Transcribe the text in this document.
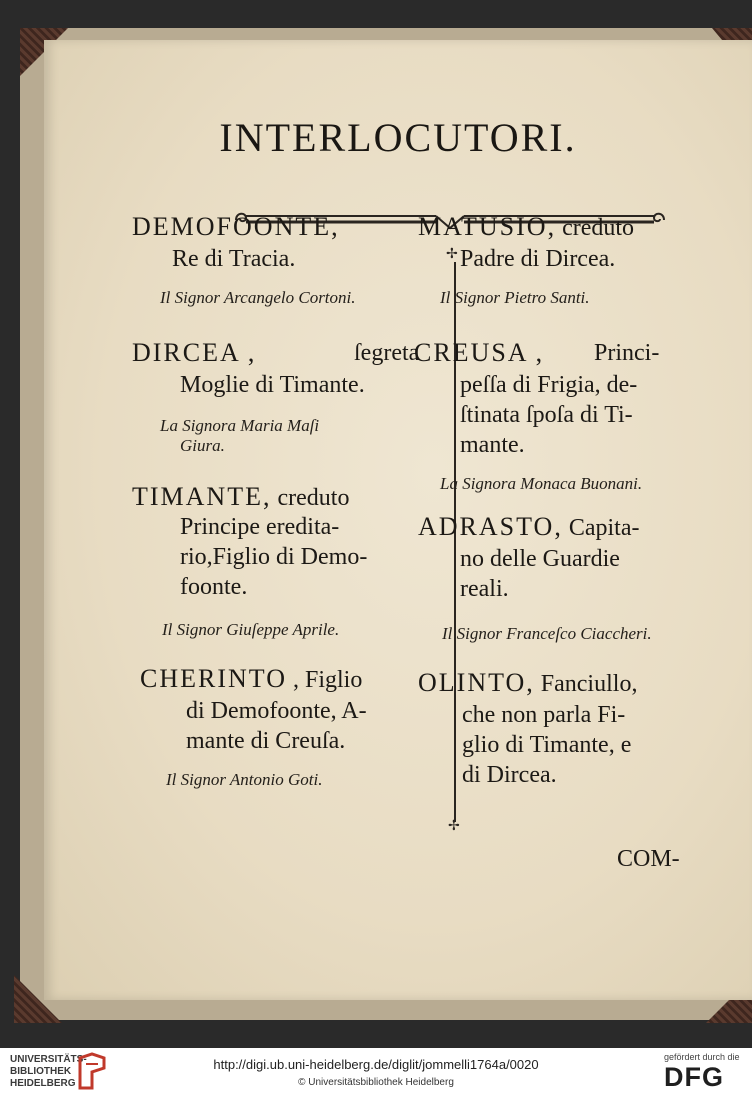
INTERLOCUTORI.
✢
✢
DEMOFOONTE,
Re di Tracia.
Il Signor Arcangelo Cortoni.
DIRCEA ,	ſegreta
Moglie di Timante.
La Signora Maria Maſi
Giura.
TIMANTE, creduto
Principe eredita-
rio,Figlio di Demo-
foonte.
Il Signor Giuſeppe Aprile.
CHERINTO , Figlio
di Demofoonte, A-
mante di Creuſa.
Il Signor Antonio Goti.
MATUSIO, creduto
Padre di Dircea.
Il Signor Pietro Santi.
CREUSA , Princi-
peſſa di Frigia, de-
ſtinata ſpoſa di Ti-
mante.
La Signora Monaca Buonani.
ADRASTO, Capita-
no delle Guardie
reali.
Il Signor Franceſco Ciaccheri.
OLINTO, Fanciullo,
che non parla Fi-
glio di Timante, e
di Dircea.
COM-
UNIVERSITÄTS-
BIBLIOTHEK
HEIDELBERG
http://digi.ub.uni-heidelberg.de/diglit/jommelli1764a/0020
© Universitätsbibliothek Heidelberg
gefördert durch die
DFG
